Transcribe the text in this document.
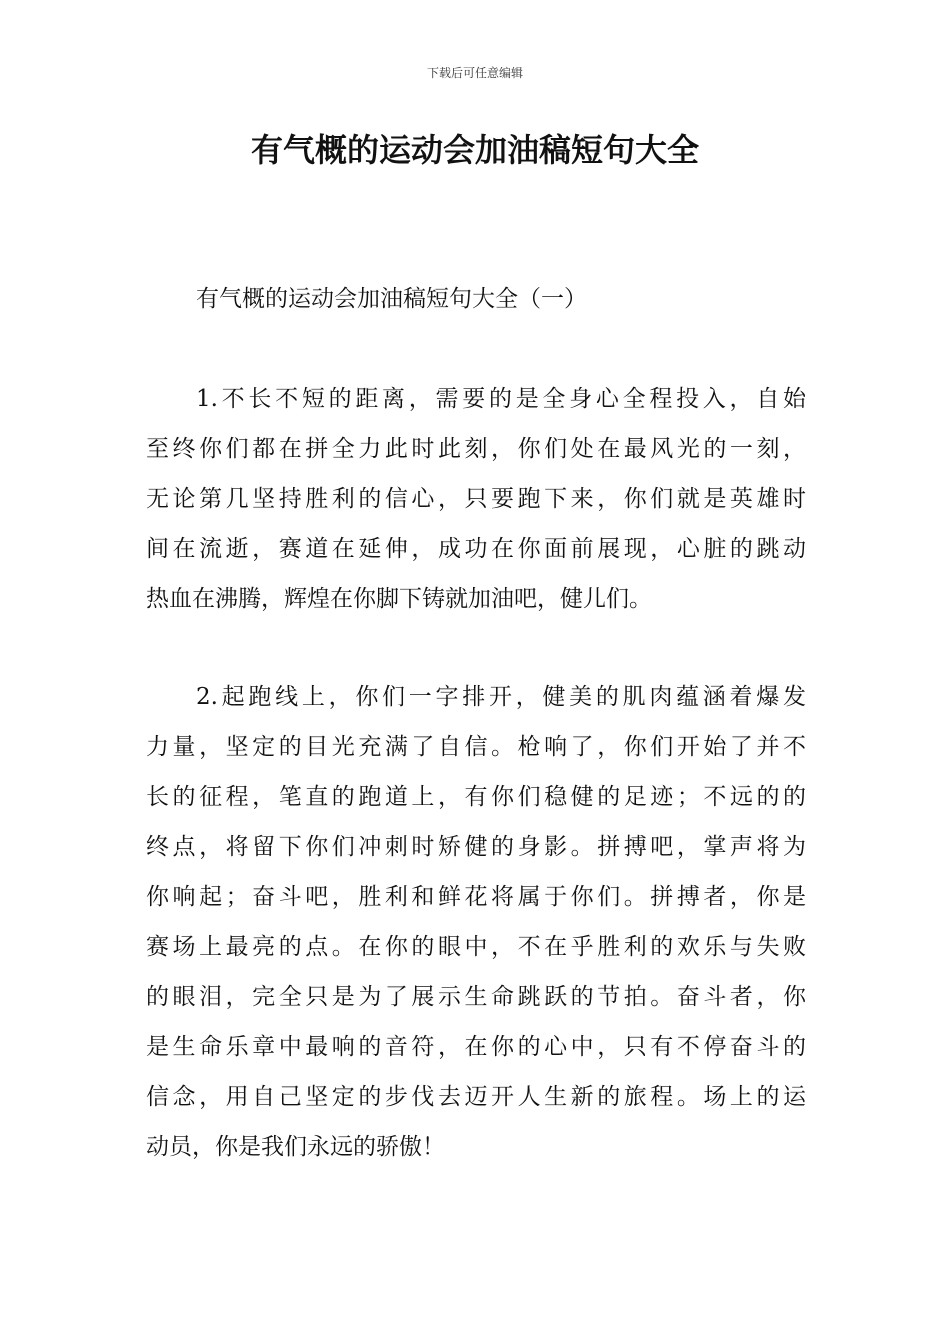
下载后可任意编辑
有气概的运动会加油稿短句大全
有气概的运动会加油稿短句大全（一）
1.不长不短的距离，需要的是全身心全程投入，自始
至终你们都在拼全力此时此刻，你们处在最风光的一刻，
无论第几坚持胜利的信心，只要跑下来，你们就是英雄时
间在流逝，赛道在延伸，成功在你面前展现，心脏的跳动
热血在沸腾，辉煌在你脚下铸就加油吧，健儿们。
2.起跑线上，你们一字排开，健美的肌肉蕴涵着爆发
力量，坚定的目光充满了自信。枪响了，你们开始了并不
长的征程，笔直的跑道上，有你们稳健的足迹；不远的的
终点，将留下你们冲刺时矫健的身影。拼搏吧，掌声将为
你响起；奋斗吧，胜利和鲜花将属于你们。拼搏者，你是
赛场上最亮的点。在你的眼中，不在乎胜利的欢乐与失败
的眼泪，完全只是为了展示生命跳跃的节拍。奋斗者，你
是生命乐章中最响的音符，在你的心中，只有不停奋斗的
信念，用自己坚定的步伐去迈开人生新的旅程。场上的运
动员，你是我们永远的骄傲！
